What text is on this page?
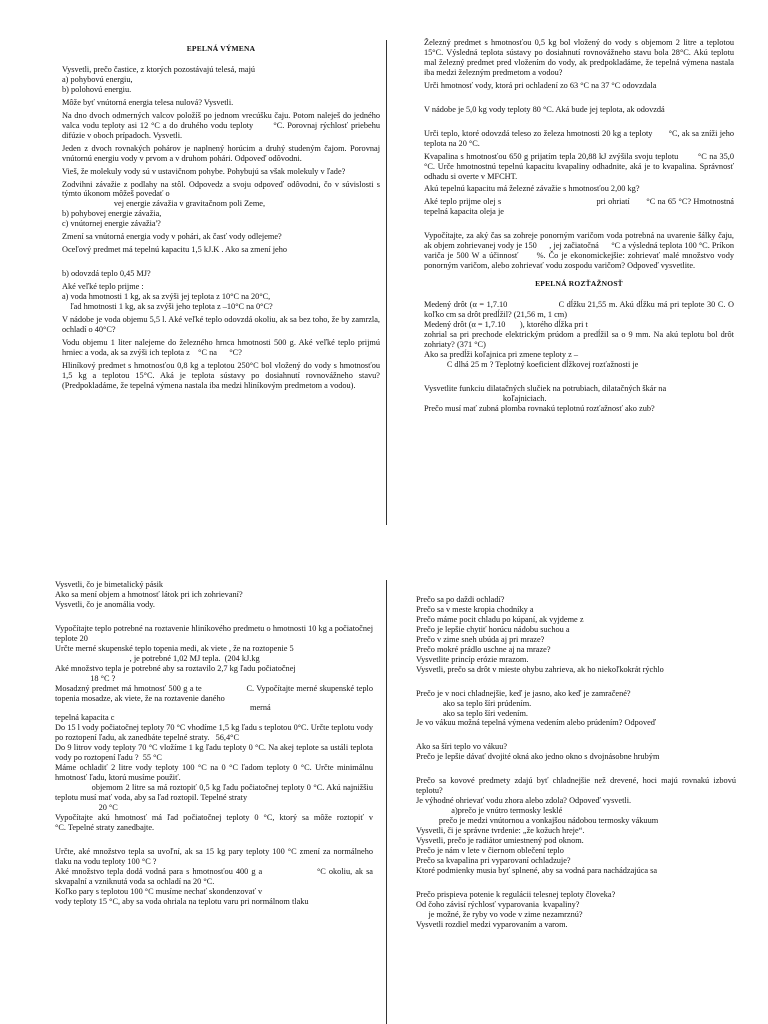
EPELNÁ VÝMENA
Vysvetli, prečo častice, z ktorých pozostávajú telesá, majú
a) pohybovú energiu,
b) polohovú energiu.
Môže byť vnútorná energia telesa nulová? Vysvetli.
Na dno dvoch odmerných valcov položíš po jednom vrecúšku čaju. Potom naleješ do jedného valca vodu teploty asi 12 °C a do druhého vodu teploty       °C. Porovnaj rýchlosť priebehu difúzie v oboch prípadoch. Vysvetli.
Jeden z dvoch rovnakých pohárov je naplnený horúcim a druhý studeným čajom. Porovnaj vnútornú energiu vody v prvom a v druhom pohári. Odpoveď odôvodni.
Vieš, že molekuly vody sú v ustavičnom pohybe. Pohybujú sa však molekuly v ľade?
Zodvihni závažie z podlahy na stôl. Odpovedz a svoju odpoveď odôvodni, čo v súvislosti s týmto úkonom môžeš povedať o
vej energie závažia v gravitačnom poli Zeme,
b) pohybovej energie závažia,
c) vnútornej energie závažia'?
Zmení sa vnútorná energia vody v pohári, ak časť vody odlejeme?
Oceľový predmet má tepelnú kapacitu 1,5 kJ.K . Ako sa zmení jeho
b) odovzdá teplo 0,45 MJ?
Aké veľké teplo prijme :
a) voda hmotnosti 1 kg, ak sa zvýši jej teplota z 10°C na 20°C,
ľad hmotnosti 1 kg, ak sa zvýši jeho teplota z –10°C na 0°C?
V nádobe je voda objemu 5,5 l. Aké veľké teplo odovzdá okoliu, ak sa bez toho, že by zamrzla, ochladí o 40°C?
Vodu objemu 1 liter nalejeme do železného hrnca hmotnosti 500 g. Aké veľké teplo prijmú hrniec a voda, ak sa zvýši ich teplota z    °C na      °C?
Hliníkový predmet s hmotnosťou 0,8 kg a teplotou 250°C bol vložený do vody s hmotnosťou 1,5 kg a teplotou 15°C. Aká je teplota sústavy po dosiahnutí rovnovážneho stavu? (Predpokladáme, že tepelná výmena nastala iba medzi hliníkovým predmetom a vodou).
Železný predmet s hmotnosťou 0,5 kg bol vložený do vody s objemom 2 litre a teplotou 15°C. Výsledná teplota sústavy po dosiahnutí rovnovážneho stavu bola 28°C. Akú teplotu mal železný predmet pred vložením do vody, ak predpokladáme, že tepelná výmena nastala iba medzi železným predmetom a vodou?
Urči hmotnosť vody, ktorá pri ochladení zo 63 °C na 37 °C odovzdala
V nádobe je 5,0 kg vody teploty 80 °C. Aká bude jej teplota, ak odovzdá
Urči teplo, ktoré odovzdá teleso zo železa hmotnosti 20 kg a teploty       °C, ak sa zníži jeho teplota na 20 °C.
Kvapalina s hmotnosťou 650 g prijatím tepla 20,88 kJ zvýšila svoju teplotu        °C na 35,0 °C. Urče hmotnostnú tepelnú kapacitu kvapaliny odhadnite, aká je to kvapalina. Správnosť odhadu si overte v MFCHT.
Akú tepelnú kapacitu má železné závažie s hmotnosťou 2,00 kg?
Aké teplo prijme olej s                                        pri ohriatí       °C na 65 °C? Hmotnostná tepelná kapacita oleja je
Vypočítajte, za aký čas sa zohreje ponorným varičom voda potrebná na uvarenie šálky čaju, ak objem zohrievanej vody je 150      , jej začiatočná      °C a výsledná teplota 100 °C. Príkon variča je 500 W a účinnosť      %. Čo je ekonomickejšie: zohrievať malé množstvo vody ponorným varičom, alebo zohrievať vodu zospodu varičom? Odpoveď vysvetlite.
EPELNÁ ROZŤAŽNOSŤ
Medený drôt (α = 1,7.10                    C dĺžku 21,55 m. Akú dĺžku má pri teplote 30 C. O koľko cm sa drôt predĺžil? (21,56 m, 1 cm)
Medený drôt (α = 1,7.10       ), ktorého dĺžka pri t
zohrial sa pri prechode elektrickým prúdom a predĺžil sa o 9 mm. Na akú teplotu bol drôt zohriaty? (371 °C)
Ako sa predĺži koľajnica pri zmene teploty z –
C dlhá 25 m ? Teplotný koeficient dĺžkovej rozťažnosti je
Vysvetlite funkciu dilatačných slučiek na potrubiach, dilatačných škár na
koľajniciach.
Prečo musí mať zubná plomba rovnakú teplotnú rozťažnosť ako zub?
Vysvetli, čo je bimetalický pásik
Ako sa mení objem a hmotnosť látok pri ich zohrievaní?
Vysvetli, čo je anomália vody.
Vypočítajte teplo potrebné na roztavenie hliníkového predmetu o hmotnosti 10 kg a počiatočnej teplote 20
Určte merné skupenské teplo topenia medi, ak viete , že na roztopenie 5
, je potrebné 1,02 MJ tepla.  (204 kJ.kg
Aké množstvo tepla je potrebné aby sa roztavilo 2,7 kg ľadu počiatočnej
18 °C ?
Mosadzný predmet má hmotnosť 500 g a te                   C. Vypočítajte merné skupenské teplo topenia mosadze, ak viete, že na roztavenie daného
merná
tepelná kapacita c
Do 15 l vody počiatočnej teploty 70 °C vhodíme 1,5 kg ľadu s teplotou 0°C. Určte teplotu vody po roztopení ľadu, ak zanedbáte tepelné straty.   56,4°C
Do 9 litrov vody teploty 70 °C vložíme 1 kg ľadu teploty 0 °C. Na akej teplote sa ustáli teplota vody po roztopení ľadu ?  55 °C
Máme ochladiť 2 litre vody teploty 100 °C na 0 °C ľadom teploty 0 °C. Určte minimálnu hmotnosť ľadu, ktorú musíme použiť.
objemom 2 litre sa má roztopiť 0,5 kg ľadu počiatočnej teploty 0 °C. Akú najnižšiu teplotu musí mať voda, aby sa ľad roztopil. Tepelné straty
20 °C
Vypočítajte akú hmotnosť má ľad počiatočnej teploty 0 °C, ktorý sa môže roztopiť v                                 °C. Tepelné straty zanedbajte.
Určte, aké množstvo tepla sa uvoľní, ak sa 15 kg pary teploty 100 °C zmení za normálneho tlaku na vodu teploty 100 °C ?
Aké množstvo tepla dodá vodná para s hmotnosťou 400 g a                  °C okoliu, ak sa skvapalní a vzniknutá voda sa ochladí na 20 °C.
Koľko pary s teplotou 100 °C musíme nechať skondenzovať v
vody teploty 15 °C, aby sa voda ohriala na teplotu varu pri normálnom tlaku
Prečo sa po daždi ochladí?
Prečo sa v meste kropia chodníky a
Prečo máme pocit chladu po kúpaní, ak vyjdeme z
Prečo je lepšie chytiť horúcu nádobu suchou a
Prečo v zime sneh ubúda aj pri mraze?
Prečo mokré prádlo uschne aj na mraze?
Vysvetlite princíp erózie mrazom.
Vysvetli, prečo sa drôt v mieste ohybu zahrieva, ak ho niekoľkokrát rýchlo
Prečo je v noci chladnejšie, keď je jasno, ako keď je zamračené?
ako sa teplo šíri prúdením.
ako sa teplo šíri vedením.
Je vo vákuu možná tepelná výmena vedením alebo prúdením? Odpoveď
Ako sa šíri teplo vo vákuu?
Prečo je lepšie dávať dvojité okná ako jedno okno s dvojnásobne hrubým
Prečo sa kovové predmety zdajú byť chladnejšie než drevené, hoci majú rovnakú izbovú teplotu?
Je výhodné ohrievať vodu zhora alebo zdola? Odpoveď vysvetli.
a)prečo je vnútro termosky lesklé
prečo je medzi vnútornou a vonkajšou nádobou termosky vákuum
Vysvetli, či je správne tvrdenie: „že kožuch hreje“.
Vysvetli, prečo je radiátor umiestnený pod oknom.
Prečo je nám v lete v čiernom oblečení teplo
Prečo sa kvapalina pri vyparovaní ochladzuje?
Ktoré podmienky musia byť splnené, aby sa vodná para nachádzajúca sa
Prečo prispieva potenie k regulácii telesnej teploty človeka?
Od čoho závisí rýchlosť vyparovania  kvapaliny?
je možné, že ryby vo vode v zime nezamrznú?
Vysvetli rozdiel medzi vyparovaním a varom.
